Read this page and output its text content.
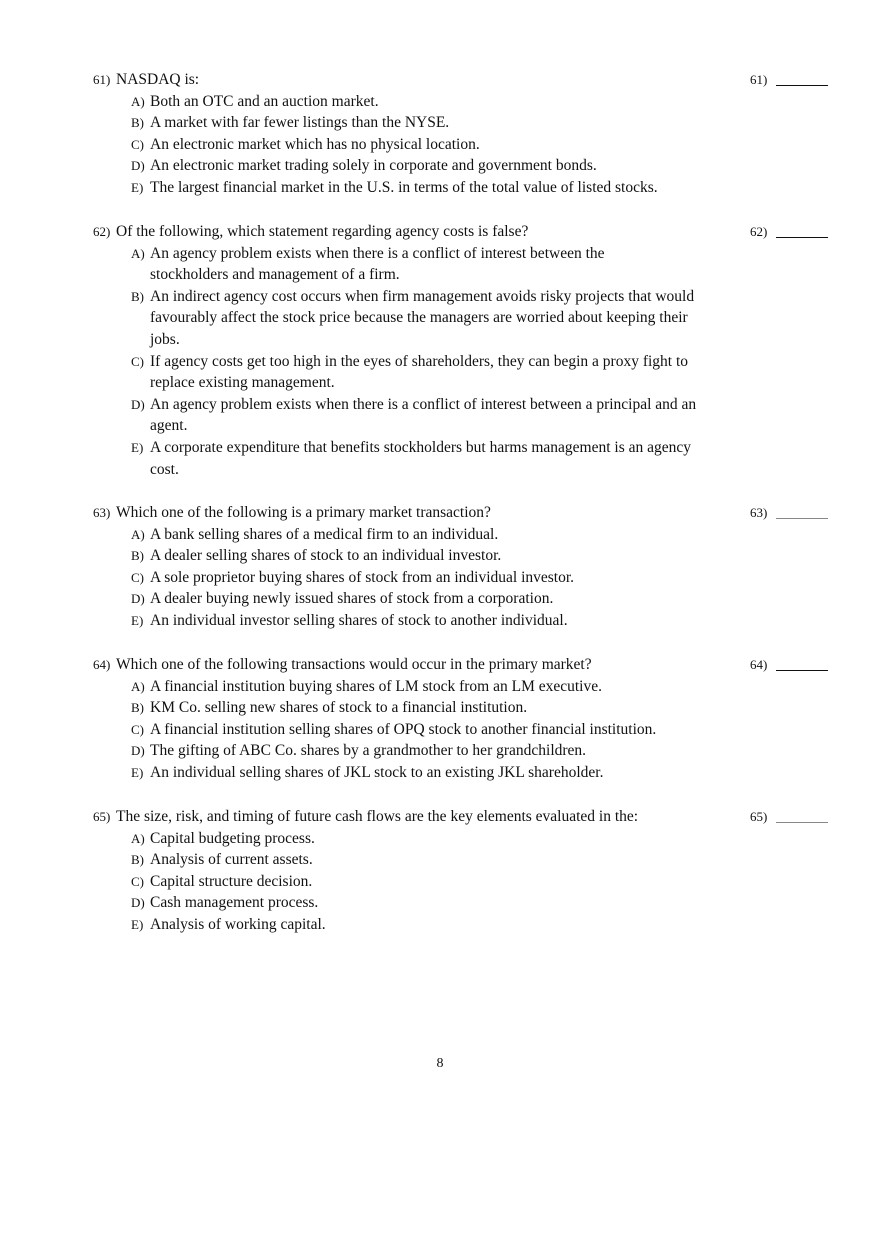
61) NASDAQ is:	61)
A) Both an OTC and an auction market.
B) A market with far fewer listings than the NYSE.
C) An electronic market which has no physical location.
D) An electronic market trading solely in corporate and government bonds.
E) The largest financial market in the U.S. in terms of the total value of listed stocks.
62) Of the following, which statement regarding agency costs is false?	62)
A) An agency problem exists when there is a conflict of interest between the stockholders and management of a firm.
B) An indirect agency cost occurs when firm management avoids risky projects that would favourably affect the stock price because the managers are worried about keeping their jobs.
C) If agency costs get too high in the eyes of shareholders, they can begin a proxy fight to replace existing management.
D) An agency problem exists when there is a conflict of interest between a principal and an agent.
E) A corporate expenditure that benefits stockholders but harms management is an agency cost.
63) Which one of the following is a primary market transaction?	63)
A) A bank selling shares of a medical firm to an individual.
B) A dealer selling shares of stock to an individual investor.
C) A sole proprietor buying shares of stock from an individual investor.
D) A dealer buying newly issued shares of stock from a corporation.
E) An individual investor selling shares of stock to another individual.
64) Which one of the following transactions would occur in the primary market?	64)
A) A financial institution buying shares of LM stock from an LM executive.
B) KM Co. selling new shares of stock to a financial institution.
C) A financial institution selling shares of OPQ stock to another financial institution.
D) The gifting of ABC Co. shares by a grandmother to her grandchildren.
E) An individual selling shares of JKL stock to an existing JKL shareholder.
65) The size, risk, and timing of future cash flows are the key elements evaluated in the:	65)
A) Capital budgeting process.
B) Analysis of current assets.
C) Capital structure decision.
D) Cash management process.
E) Analysis of working capital.
8
